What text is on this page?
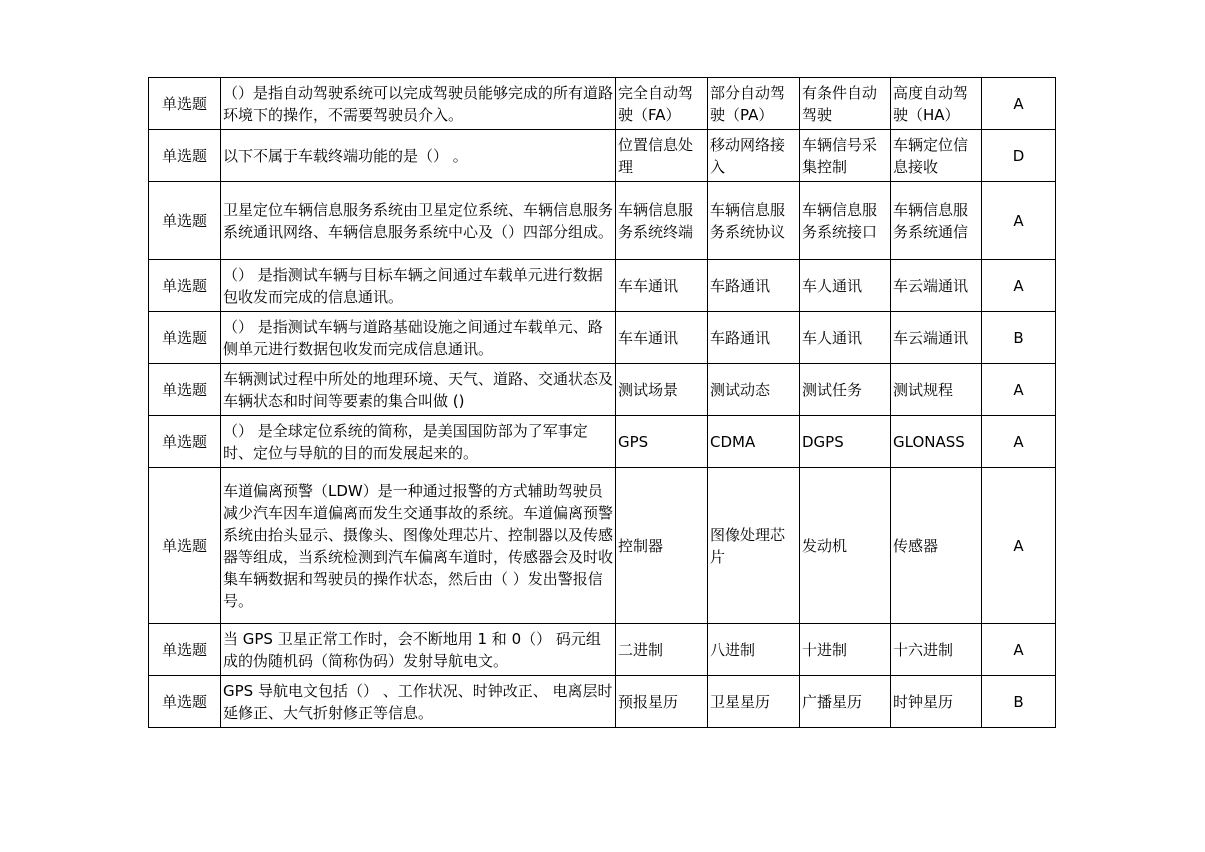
单选题	（）是指自动驾驶系统可以完成驾驶员能够完成的所有道路环境下的操作，不需要驾驶员介入。	完全自动驾驶（FA）	部分自动驾驶（PA）	有条件自动驾驶	高度自动驾驶（HA）	A
单选题	以下不属于车载终端功能的是（） 。	位置信息处理	移动网络接入	车辆信号采集控制	车辆定位信息接收	D
单选题	卫星定位车辆信息服务系统由卫星定位系统、车辆信息服务系统通讯网络、车辆信息服务系统中心及（）四部分组成。	车辆信息服务系统终端	车辆信息服务系统协议	车辆信息服务系统接口	车辆信息服务系统通信	A
单选题	（） 是指测试车辆与目标车辆之间通过车载单元进行数据包收发而完成的信息通讯。	车车通讯	车路通讯	车人通讯	车云端通讯	A
单选题	（） 是指测试车辆与道路基础设施之间通过车载单元、路侧单元进行数据包收发而完成信息通讯。	车车通讯	车路通讯	车人通讯	车云端通讯	B
单选题	车辆测试过程中所处的地理环境、天气、道路、交通状态及车辆状态和时间等要素的集合叫做 ()	测试场景	测试动态	测试任务	测试规程	A
单选题	（） 是全球定位系统的简称，是美国国防部为了军事定时、定位与导航的目的而发展起来的。	GPS	CDMA	DGPS	GLONASS	A
单选题	车道偏离预警（LDW）是一种通过报警的方式辅助驾驶员减少汽车因车道偏离而发生交通事故的系统。车道偏离预警系统由抬头显示、摄像头、图像处理芯片、控制器以及传感器等组成，当系统检测到汽车偏离车道时，传感器会及时收集车辆数据和驾驶员的操作状态，然后由（ ）发出警报信号。	控制器	图像处理芯片	发动机	传感器	A
单选题	当 GPS 卫星正常工作时，会不断地用 1 和 0（） 码元组成的伪随机码（简称伪码）发射导航电文。	二进制	八进制	十进制	十六进制	A
单选题	GPS 导航电文包括（） 、工作状况、时钟改正、 电离层时延修正、大气折射修正等信息。	预报星历	卫星星历	广播星历	时钟星历	B
